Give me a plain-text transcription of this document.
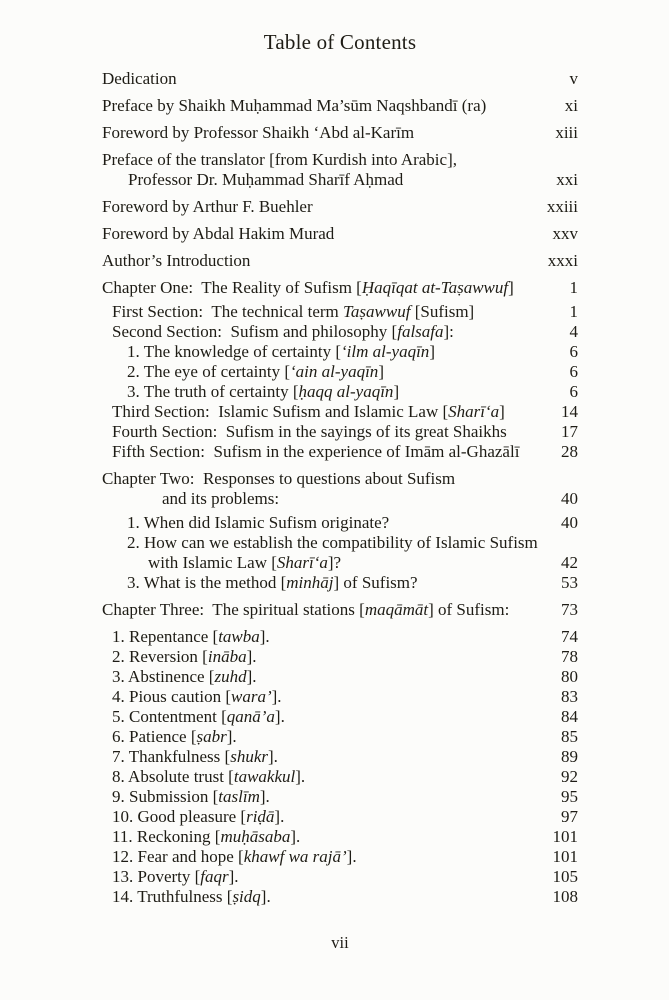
Table of Contents
Dedication	v
Preface by Shaikh Muḥammad Ma’sūm Naqshbandī (ra)	xi
Foreword by Professor Shaikh ‘Abd al-Karīm	xiii
Preface of the translator [from Kurdish into Arabic],
Professor Dr. Muḥammad Sharīf Aḥmad	xxi
Foreword by Arthur F. Buehler	xxiii
Foreword by Abdal Hakim Murad	xxv
Author’s Introduction	xxxi
Chapter One:  The Reality of Sufism [Ḥaqīqat at-Taṣawwuf]	1
First Section:  The technical term Taṣawwuf [Sufism]	1
Second Section:  Sufism and philosophy [falsafa]:	4
1. The knowledge of certainty [‘ilm al-yaqīn]	6
2. The eye of certainty [‘ain al-yaqīn]	6
3. The truth of certainty [ḥaqq al-yaqīn]	6
Third Section:  Islamic Sufism and Islamic Law [Sharī‘a]	14
Fourth Section:  Sufism in the sayings of its great Shaikhs	17
Fifth Section:  Sufism in the experience of Imām al-Ghazālī	28
Chapter Two:  Responses to questions about Sufism
and its problems:	40
1. When did Islamic Sufism originate?	40
2. How can we establish the compatibility of Islamic Sufism
with Islamic Law [Sharī‘a]?	42
3. What is the method [minhāj] of Sufism?	53
Chapter Three:  The spiritual stations [maqāmāt] of Sufism:	73
1. Repentance [tawba].	74
2. Reversion [ināba].	78
3. Abstinence [zuhd].	80
4. Pious caution [wara’].	83
5. Contentment [qanā’a].	84
6. Patience [ṣabr].	85
7. Thankfulness [shukr].	89
8. Absolute trust [tawakkul].	92
9. Submission [taslīm].	95
10. Good pleasure [riḍā].	97
11. Reckoning [muḥāsaba].	101
12. Fear and hope [khawf wa rajā’].	101
13. Poverty [faqr].	105
14. Truthfulness [ṣidq].	108
vii
